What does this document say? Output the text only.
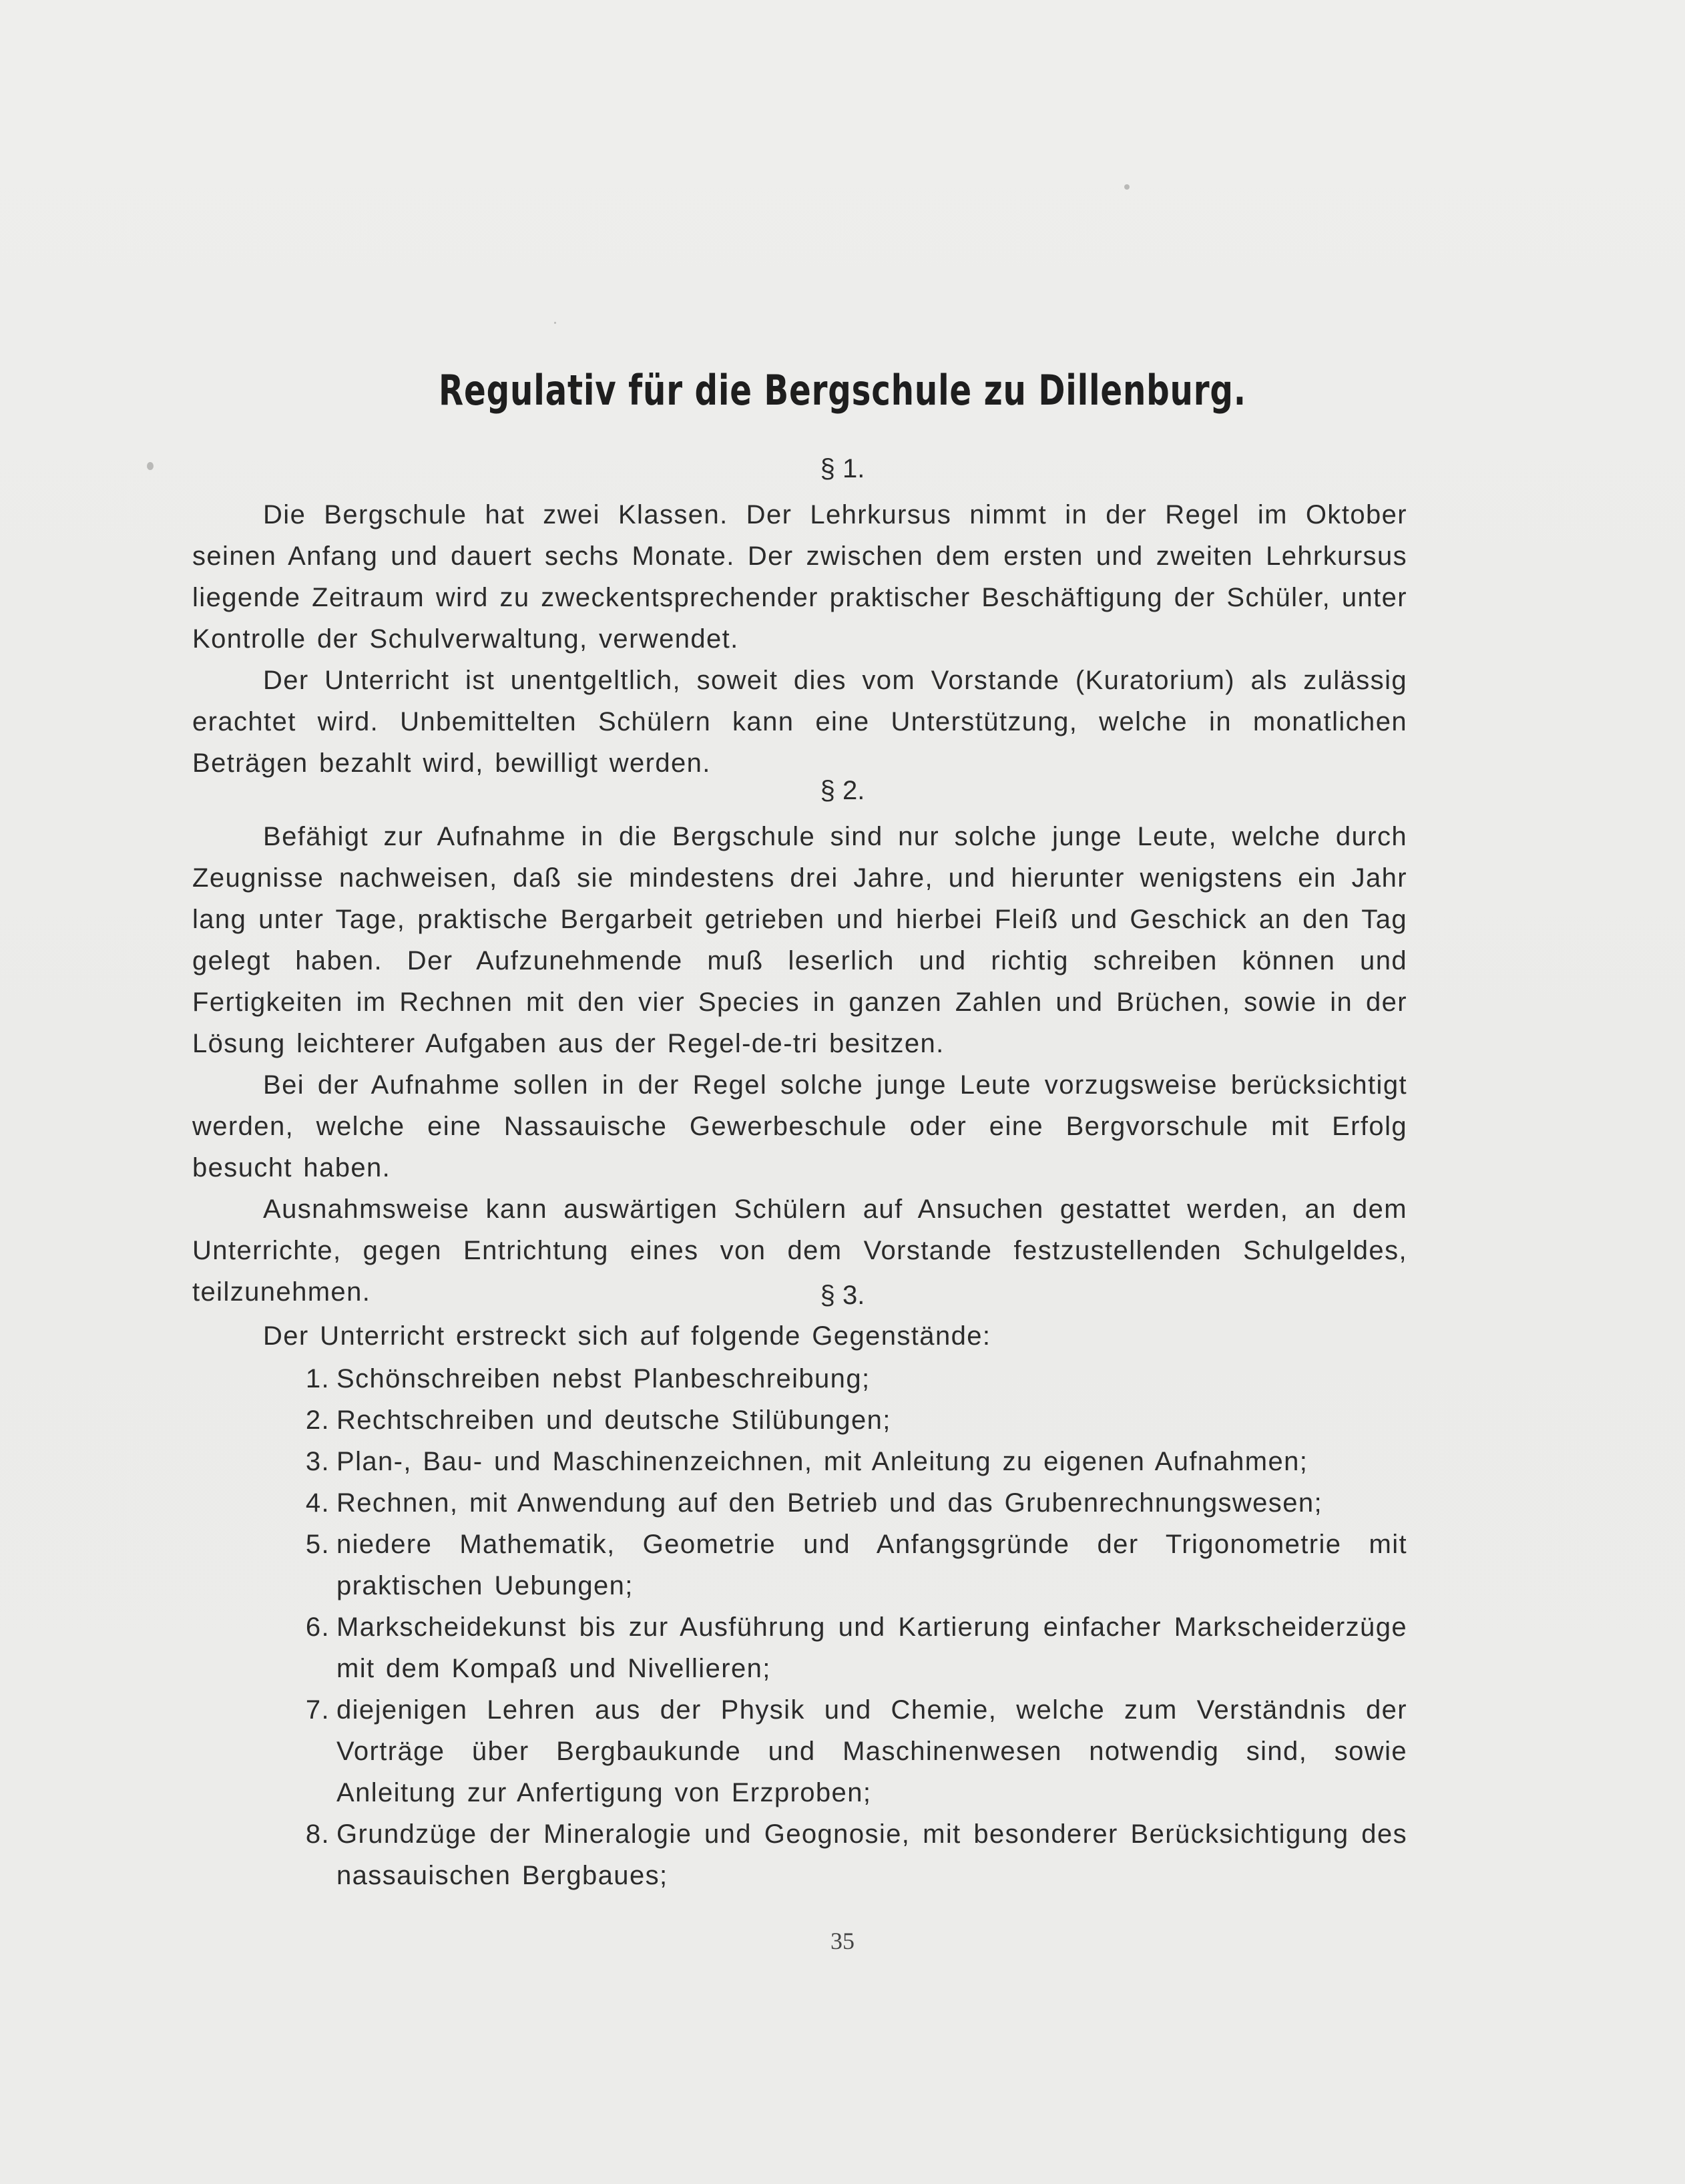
Regulativ für die Bergschule zu Dillenburg.
§ 1.

Die Bergschule hat zwei Klassen. Der Lehrkursus nimmt in der Regel im Oktober seinen Anfang und dauert sechs Monate. Der zwischen dem ersten und zweiten Lehrkursus liegende Zeitraum wird zu zweckentsprechender praktischer Beschäftigung der Schüler, unter Kontrolle der Schulverwaltung, verwendet.

Der Unterricht ist unentgeltlich, soweit dies vom Vorstande (Kuratorium) als zulässig erachtet wird. Unbemittelten Schülern kann eine Unterstützung, welche in monatlichen Beträgen bezahlt wird, bewilligt werden.

§ 2.

Befähigt zur Aufnahme in die Bergschule sind nur solche junge Leute, welche durch Zeugnisse nachweisen, daß sie mindestens drei Jahre, und hierunter wenigstens ein Jahr lang unter Tage, praktische Bergarbeit getrieben und hierbei Fleiß und Geschick an den Tag gelegt haben. Der Aufzunehmende muß leserlich und richtig schreiben können und Fertigkeiten im Rechnen mit den vier Species in ganzen Zahlen und Brüchen, sowie in der Lösung leichterer Aufgaben aus der Regel-de-tri besitzen.

Bei der Aufnahme sollen in der Regel solche junge Leute vorzugsweise berücksichtigt werden, welche eine Nassauische Gewerbeschule oder eine Bergvorschule mit Erfolg besucht haben.

Ausnahmsweise kann auswärtigen Schülern auf Ansuchen gestattet werden, an dem Unterrichte, gegen Entrichtung eines von dem Vorstande festzustellenden Schulgeldes, teilzunehmen.	§ 3.

Der Unterricht erstreckt sich auf folgende Gegenstände:

1. Schönschreiben nebst Planbeschreibung;
2. Rechtschreiben und deutsche Stilübungen;
3. Plan-, Bau- und Maschinenzeichnen, mit Anleitung zu eigenen Aufnahmen;
4. Rechnen, mit Anwendung auf den Betrieb und das Grubenrechnungswesen;
5. niedere Mathematik, Geometrie und Anfangsgründe der Trigonometrie mit praktischen Uebungen;
6. Markscheidekunst bis zur Ausführung und Kartierung einfacher Markscheiderzüge mit dem Kompaß und Nivellieren;
7. diejenigen Lehren aus der Physik und Chemie, welche zum Verständnis der Vorträge über Bergbaukunde und Maschinenwesen notwendig sind, sowie Anleitung zur Anfertigung von Erzproben;
8. Grundzüge der Mineralogie und Geognosie, mit besonderer Berücksichtigung des nassauischen Bergbaues;
35
